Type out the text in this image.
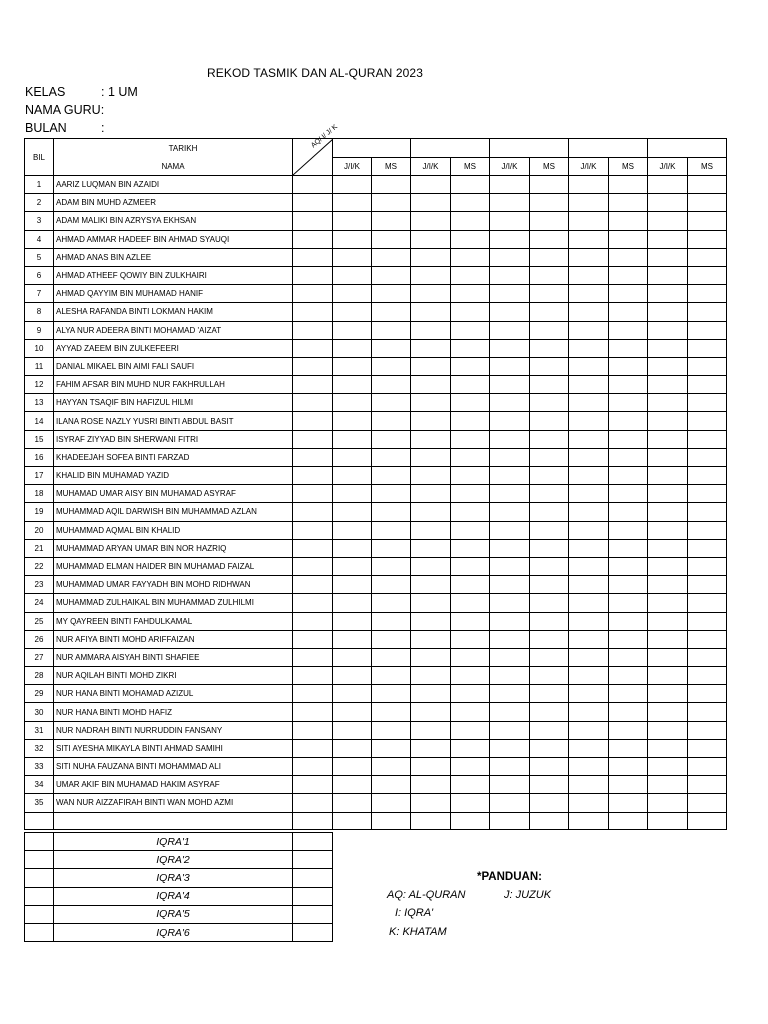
REKOD TASMIK DAN AL-QURAN 2023
KELAS	: 1 UM
NAMA GURU:
BULAN	:
BIL	TARIKH	

	NAMA		J/I/K	MS	J/I/K	MS	J/I/K	MS	J/I/K	MS	J/I/K	MS
1	AARIZ LUQMAN BIN AZAIDI											
2	ADAM BIN MUHD AZMEER											
3	ADAM MALIKI BIN AZRYSYA EKHSAN											
4	AHMAD AMMAR HADEEF BIN AHMAD SYAUQI											
5	AHMAD ANAS BIN AZLEE											
6	AHMAD ATHEEF QOWIY BIN ZULKHAIRI											
7	AHMAD QAYYIM BIN MUHAMAD HANIF											
8	ALESHA RAFANDA BINTI LOKMAN HAKIM											
9	ALYA NUR ADEERA BINTI MOHAMAD 'AIZAT											
10	AYYAD ZAEEM BIN ZULKEFEERI											
11	DANIAL MIKAEL BIN AIMI FALI SAUFI											
12	FAHIM AFSAR BIN MUHD NUR FAKHRULLAH											
13	HAYYAN TSAQIF BIN HAFIZUL HILMI											
14	ILANA ROSE NAZLY YUSRI BINTI ABDUL BASIT											
15	ISYRAF ZIYYAD BIN SHERWANI FITRI											
16	KHADEEJAH SOFEA BINTI FARZAD											
17	KHALID BIN MUHAMAD YAZID											
18	MUHAMAD UMAR AISY BIN MUHAMAD ASYRAF											
19	MUHAMMAD AQIL DARWISH BIN MUHAMMAD AZLAN											
20	MUHAMMAD AQMAL BIN KHALID											
21	MUHAMMAD ARYAN UMAR BIN NOR HAZRIQ											
22	MUHAMMAD ELMAN HAIDER BIN MUHAMAD FAIZAL											
23	MUHAMMAD UMAR FAYYADH BIN MOHD RIDHWAN											
24	MUHAMMAD ZULHAIKAL BIN MUHAMMAD ZULHILMI											
25	MY QAYREEN BINTI FAHDULKAMAL											
26	NUR AFIYA BINTI MOHD ARIFFAIZAN											
27	NUR AMMARA AISYAH BINTI SHAFIEE											
28	NUR AQILAH BINTI MOHD ZIKRI											
29	NUR HANA BINTI MOHAMAD AZIZUL											
30	NUR HANA BINTI MOHD HAFIZ											
31	NUR NADRAH BINTI NURRUDDIN FANSANY											
32	SITI AYESHA MIKAYLA BINTI AHMAD SAMIHI											
33	SITI NUHA FAUZANA BINTI MOHAMMAD ALI											
34	UMAR AKIF BIN MUHAMAD HAKIM ASYRAF											
35	WAN NUR AIZZAFIRAH BINTI WAN MOHD AZMI											

AQ/ I/ J/ K
	IQRA'1	
	IQRA'2	
	IQRA'3	
	IQRA'4	
	IQRA'5	
	IQRA'6	
*PANDUAN:
AQ: AL-QURAN	J: JUZUK
I: IQRA'
K: KHATAM
